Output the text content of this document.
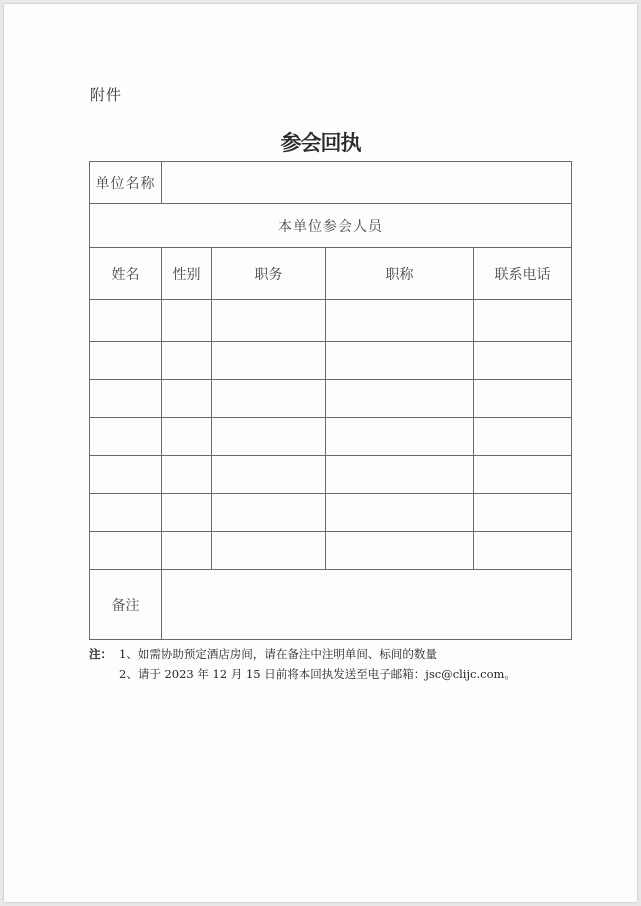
附件
参会回执
单位名称				
本单位参会人员				
姓名	性别	职务	职称	联系电话

备注				
注： 1、如需协助预定酒店房间，请在备注中注明单间、标间的数量
2、请于 2023 年 12 月 15 日前将本回执发送至电子邮箱：jsc@clijc.com。
